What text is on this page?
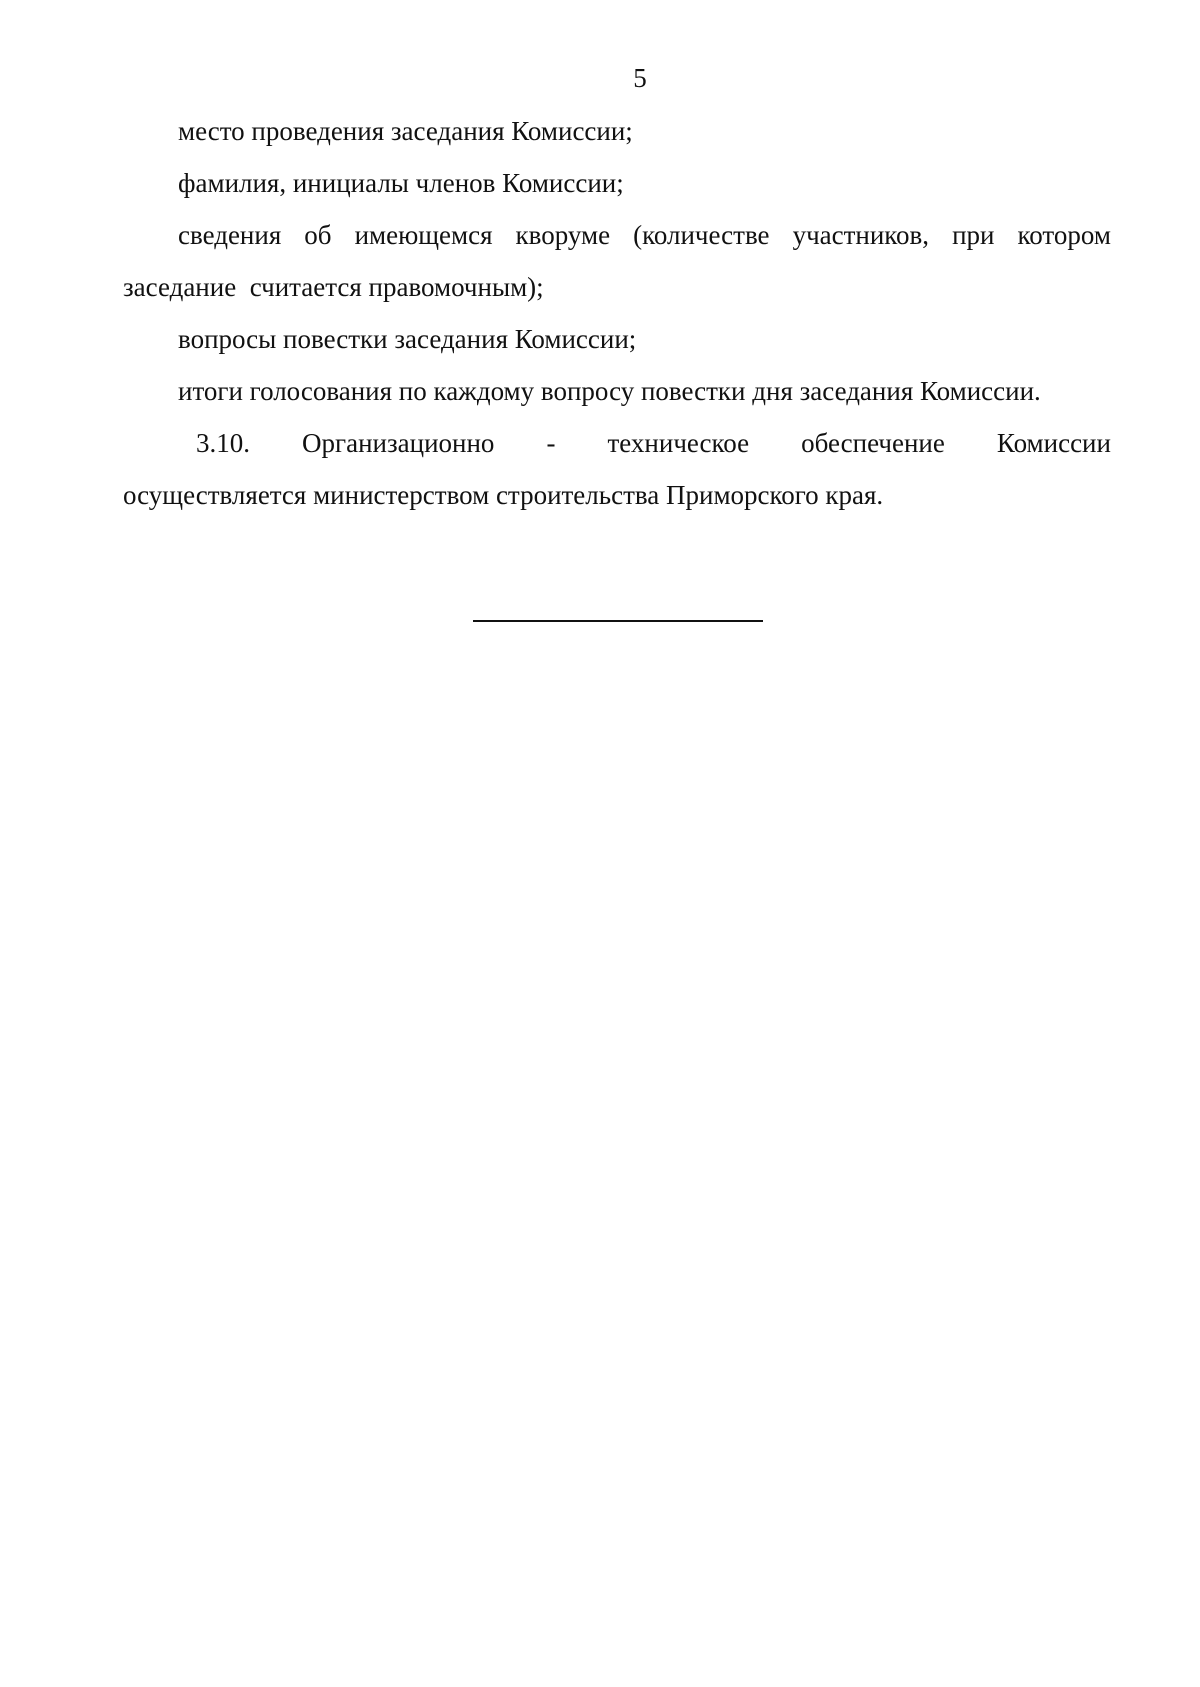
5
место проведения заседания Комиссии;
фамилия, инициалы членов Комиссии;
сведения об имеющемся кворуме (количестве участников, при котором
заседание  считается правомочным);
вопросы повестки заседания Комиссии;
итоги голосования по каждому вопросу повестки дня заседания Комиссии.
3.10. Организационно - техническое обеспечение Комиссии
осуществляется министерством строительства Приморского края.
